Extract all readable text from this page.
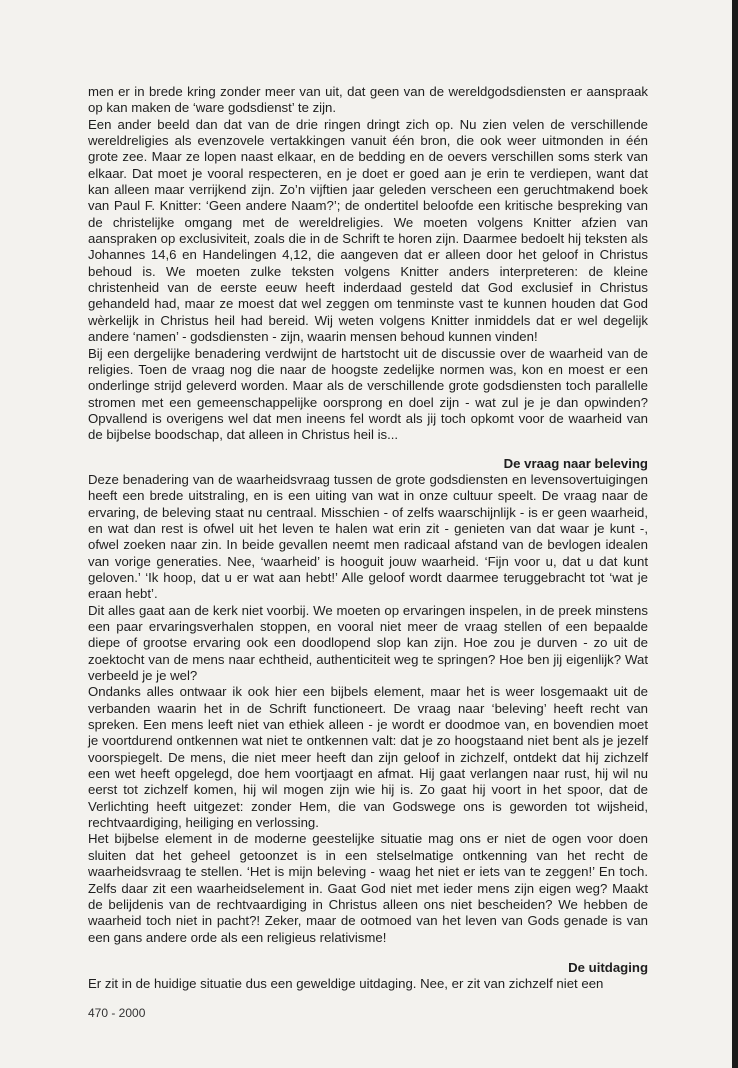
men er in brede kring zonder meer van uit, dat geen van de wereldgodsdiensten er aanspraak op kan maken de ‘ware godsdienst’ te zijn.

Een ander beeld dan dat van de drie ringen dringt zich op. Nu zien velen de verschillende wereldreligies als evenzovele vertakkingen vanuit één bron, die ook weer uitmonden in één grote zee. Maar ze lopen naast elkaar, en de bedding en de oevers verschillen soms sterk van elkaar. Dat moet je vooral respecteren, en je doet er goed aan je erin te verdiepen, want dat kan alleen maar verrijkend zijn. Zo’n vijftien jaar geleden verscheen een geruchtmakend boek van Paul F. Knitter: ‘Geen andere Naam?’; de ondertitel beloofde een kritische bespreking van de christelijke omgang met de wereldreligies. We moeten volgens Knitter afzien van aanspraken op exclusiviteit, zoals die in de Schrift te horen zijn. Daarmee bedoelt hij teksten als Johannes 14,6 en Handelingen 4,12, die aangeven dat er alleen door het geloof in Christus behoud is. We moeten zulke teksten volgens Knitter anders interpreteren: de kleine christenheid van de eerste eeuw heeft inderdaad gesteld dat God exclusief in Christus gehandeld had, maar ze moest dat wel zeggen om tenminste vast te kunnen houden dat God wèrkelijk in Christus heil had bereid. Wij weten volgens Knitter inmiddels dat er wel degelijk andere ‘namen’ - godsdiensten - zijn, waarin mensen behoud kunnen vinden!

Bij een dergelijke benadering verdwijnt de hartstocht uit de discussie over de waarheid van de religies. Toen de vraag nog die naar de hoogste zedelijke normen was, kon en moest er een onderlinge strijd geleverd worden. Maar als de verschillende grote godsdiensten toch parallelle stromen met een gemeenschappelijke oorsprong en doel zijn - wat zul je je dan opwinden? Opvallend is overigens wel dat men ineens fel wordt als jij toch opkomt voor de waarheid van de bijbelse boodschap, dat alleen in Christus heil is...

De vraag naar beleving

Deze benadering van de waarheidsvraag tussen de grote godsdiensten en levensovertuigingen heeft een brede uitstraling, en is een uiting van wat in onze cultuur speelt. De vraag naar de ervaring, de beleving staat nu centraal. Misschien - of zelfs waarschijnlijk - is er geen waarheid, en wat dan rest is ofwel uit het leven te halen wat erin zit - genieten van dat waar je kunt -, ofwel zoeken naar zin. In beide gevallen neemt men radicaal afstand van de bevlogen idealen van vorige generaties. Nee, ‘waarheid’ is hooguit jouw waarheid. ‘Fijn voor u, dat u dat kunt geloven.’ ‘Ik hoop, dat u er wat aan hebt!’ Alle geloof wordt daarmee teruggebracht tot ‘wat je eraan hebt’.

Dit alles gaat aan de kerk niet voorbij. We moeten op ervaringen inspelen, in de preek minstens een paar ervaringsverhalen stoppen, en vooral niet meer de vraag stellen of een bepaalde diepe of grootse ervaring ook een doodlopend slop kan zijn. Hoe zou je durven - zo uit de zoektocht van de mens naar echtheid, authenticiteit weg te springen? Hoe ben jij eigenlijk? Wat verbeeld je je wel?

Ondanks alles ontwaar ik ook hier een bijbels element, maar het is weer losgemaakt uit de verbanden waarin het in de Schrift functioneert. De vraag naar ‘beleving’ heeft recht van spreken. Een mens leeft niet van ethiek alleen - je wordt er doodmoe van, en bovendien moet je voortdurend ontkennen wat niet te ontkennen valt: dat je zo hoogstaand niet bent als je jezelf voorspiegelt. De mens, die niet meer heeft dan zijn geloof in zichzelf, ontdekt dat hij zichzelf een wet heeft opgelegd, doe hem voortjaagt en afmat. Hij gaat verlangen naar rust, hij wil nu eerst tot zichzelf komen, hij wil mogen zijn wie hij is. Zo gaat hij voort in het spoor, dat de Verlichting heeft uitgezet: zonder Hem, die van Godswege ons is geworden tot wijsheid, rechtvaardiging, heiliging en verlossing.

Het bijbelse element in de moderne geestelijke situatie mag ons er niet de ogen voor doen sluiten dat het geheel getoonzet is in een stelselmatige ontkenning van het recht de waarheidsvraag te stellen. ‘Het is mijn beleving - waag het niet er iets van te zeggen!’ En toch. Zelfs daar zit een waarheidselement in. Gaat God niet met ieder mens zijn eigen weg? Maakt de belijdenis van de rechtvaardiging in Christus alleen ons niet bescheiden? We hebben de waarheid toch niet in pacht?! Zeker, maar de ootmoed van het leven van Gods genade is van een gans andere orde als een religieus relativisme!

De uitdaging

Er zit in de huidige situatie dus een geweldige uitdaging. Nee, er zit van zichzelf niet een

470 - 2000
